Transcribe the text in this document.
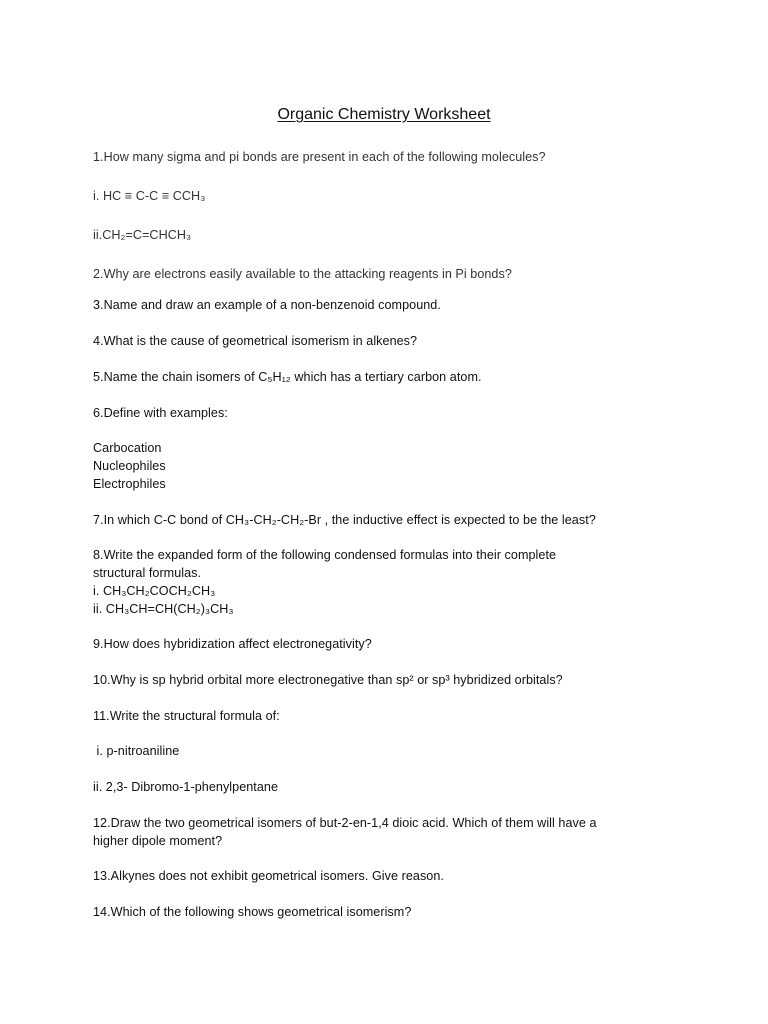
Organic Chemistry Worksheet
1.How many sigma and pi bonds are present in each of the following molecules?
i. HC ≡ C-C ≡ CCH₃
ii.CH₂=C=CHCH₃
2.Why are electrons easily available to the attacking reagents in Pi bonds?
3.Name and draw an example of a non-benzenoid compound.
4.What is the cause of geometrical isomerism in alkenes?
5.Name the chain isomers of C₅H₁₂ which has a tertiary carbon atom.
6.Define with examples:
Carbocation
Nucleophiles
Electrophiles
7.In which C-C bond of CH₃-CH₂-CH₂-Br , the inductive effect is expected to be the least?
8.Write the expanded form of the following condensed formulas into their complete
structural formulas.
i. CH₃CH₂COCH₂CH₃
ii. CH₃CH=CH(CH₂)₃CH₃
9.How does hybridization affect electronegativity?
10.Why is sp hybrid orbital more electronegative than sp² or sp³ hybridized orbitals?
11.Write the structural formula of:
i. p-nitroaniline
ii. 2,3- Dibromo-1-phenylpentane
12.Draw the two geometrical isomers of but-2-en-1,4 dioic acid. Which of them will have a
higher dipole moment?
13.Alkynes does not exhibit geometrical isomers. Give reason.
14.Which of the following shows geometrical isomerism?
